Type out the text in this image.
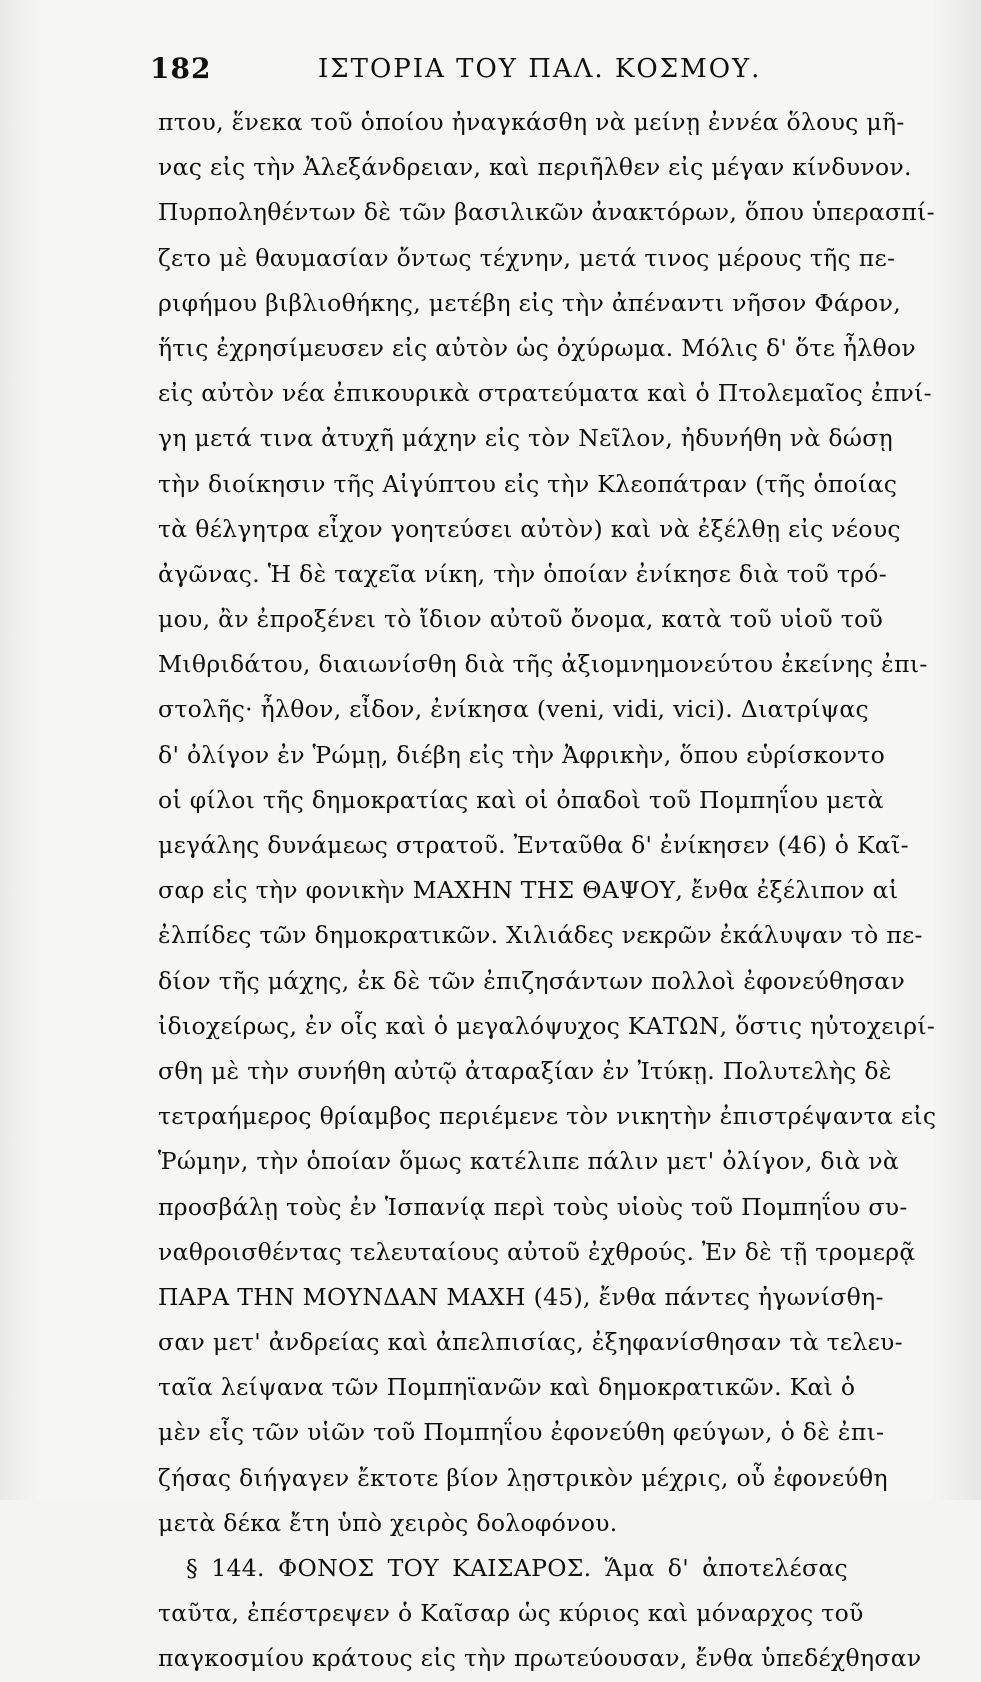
182	ΙΣΤΟΡΙΑ ΤΟΥ ΠΑΛ. ΚΟΣΜΟΥ.
πτου, ἕνεκα τοῦ ὁποίου ἠναγκάσθη νὰ μείνῃ ἐννέα ὅλους μῆ-
νας εἰς τὴν Ἀλεξάνδρειαν, καὶ περιῆλθεν εἰς μέγαν κίνδυνον.
Πυρποληθέντων δὲ τῶν βασιλικῶν ἀνακτόρων, ὅπου ὑπερασπί-
ζετο μὲ θαυμασίαν ὄντως τέχνην, μετά τινος μέρους τῆς πε-
ριφήμου βιβλιοθήκης, μετέβη εἰς τὴν ἀπέναντι νῆσον Φάρον,
ἥτις ἐχρησίμευσεν εἰς αὐτὸν ὡς ὀχύρωμα. Μόλις δ' ὅτε ἦλθον
εἰς αὐτὸν νέα ἐπικουρικὰ στρατεύματα καὶ ὁ Πτολεμαῖος ἐπνί-
γη μετά τινα ἀτυχῆ μάχην εἰς τὸν Νεῖλον, ἠδυνήθη νὰ δώσῃ
τὴν διοίκησιν τῆς Αἰγύπτου εἰς τὴν Κλεοπάτραν (τῆς ὁποίας
τὰ θέλγητρα εἶχον γοητεύσει αὐτὸν) καὶ νὰ ἐξέλθῃ εἰς νέους
ἀγῶνας. Ἡ δὲ ταχεῖα νίκη, τὴν ὁποίαν ἐνίκησε διὰ τοῦ τρό-
μου, ἂν ἐπροξένει τὸ ἴδιον αὐτοῦ ὄνομα, κατὰ τοῦ υἱοῦ τοῦ
Μιθριδάτου, διαιωνίσθη διὰ τῆς ἀξιομνημονεύτου ἐκείνης ἐπι-
στολῆς· ἦλθον, εἶδον, ἐνίκησα (veni, vidi, vici). Διατρίψας
δ' ὀλίγον ἐν Ῥώμῃ, διέβη εἰς τὴν Ἀφρικὴν, ὅπου εὑρίσκοντο
οἱ φίλοι τῆς δημοκρατίας καὶ οἱ ὀπαδοὶ τοῦ Πομπηΐου μετὰ
μεγάλης δυνάμεως στρατοῦ. Ἐνταῦθα δ' ἐνίκησεν (46) ὁ Καῖ-
σαρ εἰς τὴν φονικὴν ΜΑΧΗΝ ΤΗΣ ΘΑΨΟΥ, ἔνθα ἐξέλιπον αἱ
ἐλπίδες τῶν δημοκρατικῶν. Χιλιάδες νεκρῶν ἐκάλυψαν τὸ πε-
δίον τῆς μάχης, ἐκ δὲ τῶν ἐπιζησάντων πολλοὶ ἐφονεύθησαν
ἰδιοχείρως, ἐν οἷς καὶ ὁ μεγαλόψυχος ΚΑΤΩΝ, ὅστις ηὐτοχειρί-
σθη μὲ τὴν συνήθη αὐτῷ ἀταραξίαν ἐν Ἰτύκῃ. Πολυτελὴς δὲ
τετραήμερος θρίαμβος περιέμενε τὸν νικητὴν ἐπιστρέψαντα εἰς
Ῥώμην, τὴν ὁποίαν ὅμως κατέλιπε πάλιν μετ' ὀλίγον, διὰ νὰ
προσβάλῃ τοὺς ἐν Ἱσπανίᾳ περὶ τοὺς υἱοὺς τοῦ Πομπηΐου συ-
ναθροισθέντας τελευταίους αὐτοῦ ἐχθρούς. Ἐν δὲ τῇ τρομερᾷ
ΠΑΡΑ ΤΗΝ ΜΟΥΝΔΑΝ ΜΑΧΗ (45), ἔνθα πάντες ἠγωνίσθη-
σαν μετ' ἀνδρείας καὶ ἀπελπισίας, ἐξηφανίσθησαν τὰ τελευ-
ταῖα λείψανα τῶν Πομπηϊανῶν καὶ δημοκρατικῶν. Καὶ ὁ
μὲν εἷς τῶν υἱῶν τοῦ Πομπηΐου ἐφονεύθη φεύγων, ὁ δὲ ἐπι-
ζήσας διήγαγεν ἔκτοτε βίον λῃστρικὸν μέχρις, οὗ ἐφονεύθη
μετὰ δέκα ἔτη ὑπὸ χειρὸς δολοφόνου.
§ 144. ΦΟΝΟΣ ΤΟΥ ΚΑΙΣΑΡΟΣ. Ἅμα δ' ἀποτελέσας
ταῦτα, ἐπέστρεψεν ὁ Καῖσαρ ὡς κύριος καὶ μόναρχος τοῦ
παγκοσμίου κράτους εἰς τὴν πρωτεύουσαν, ἔνθα ὑπεδέχθησαν
